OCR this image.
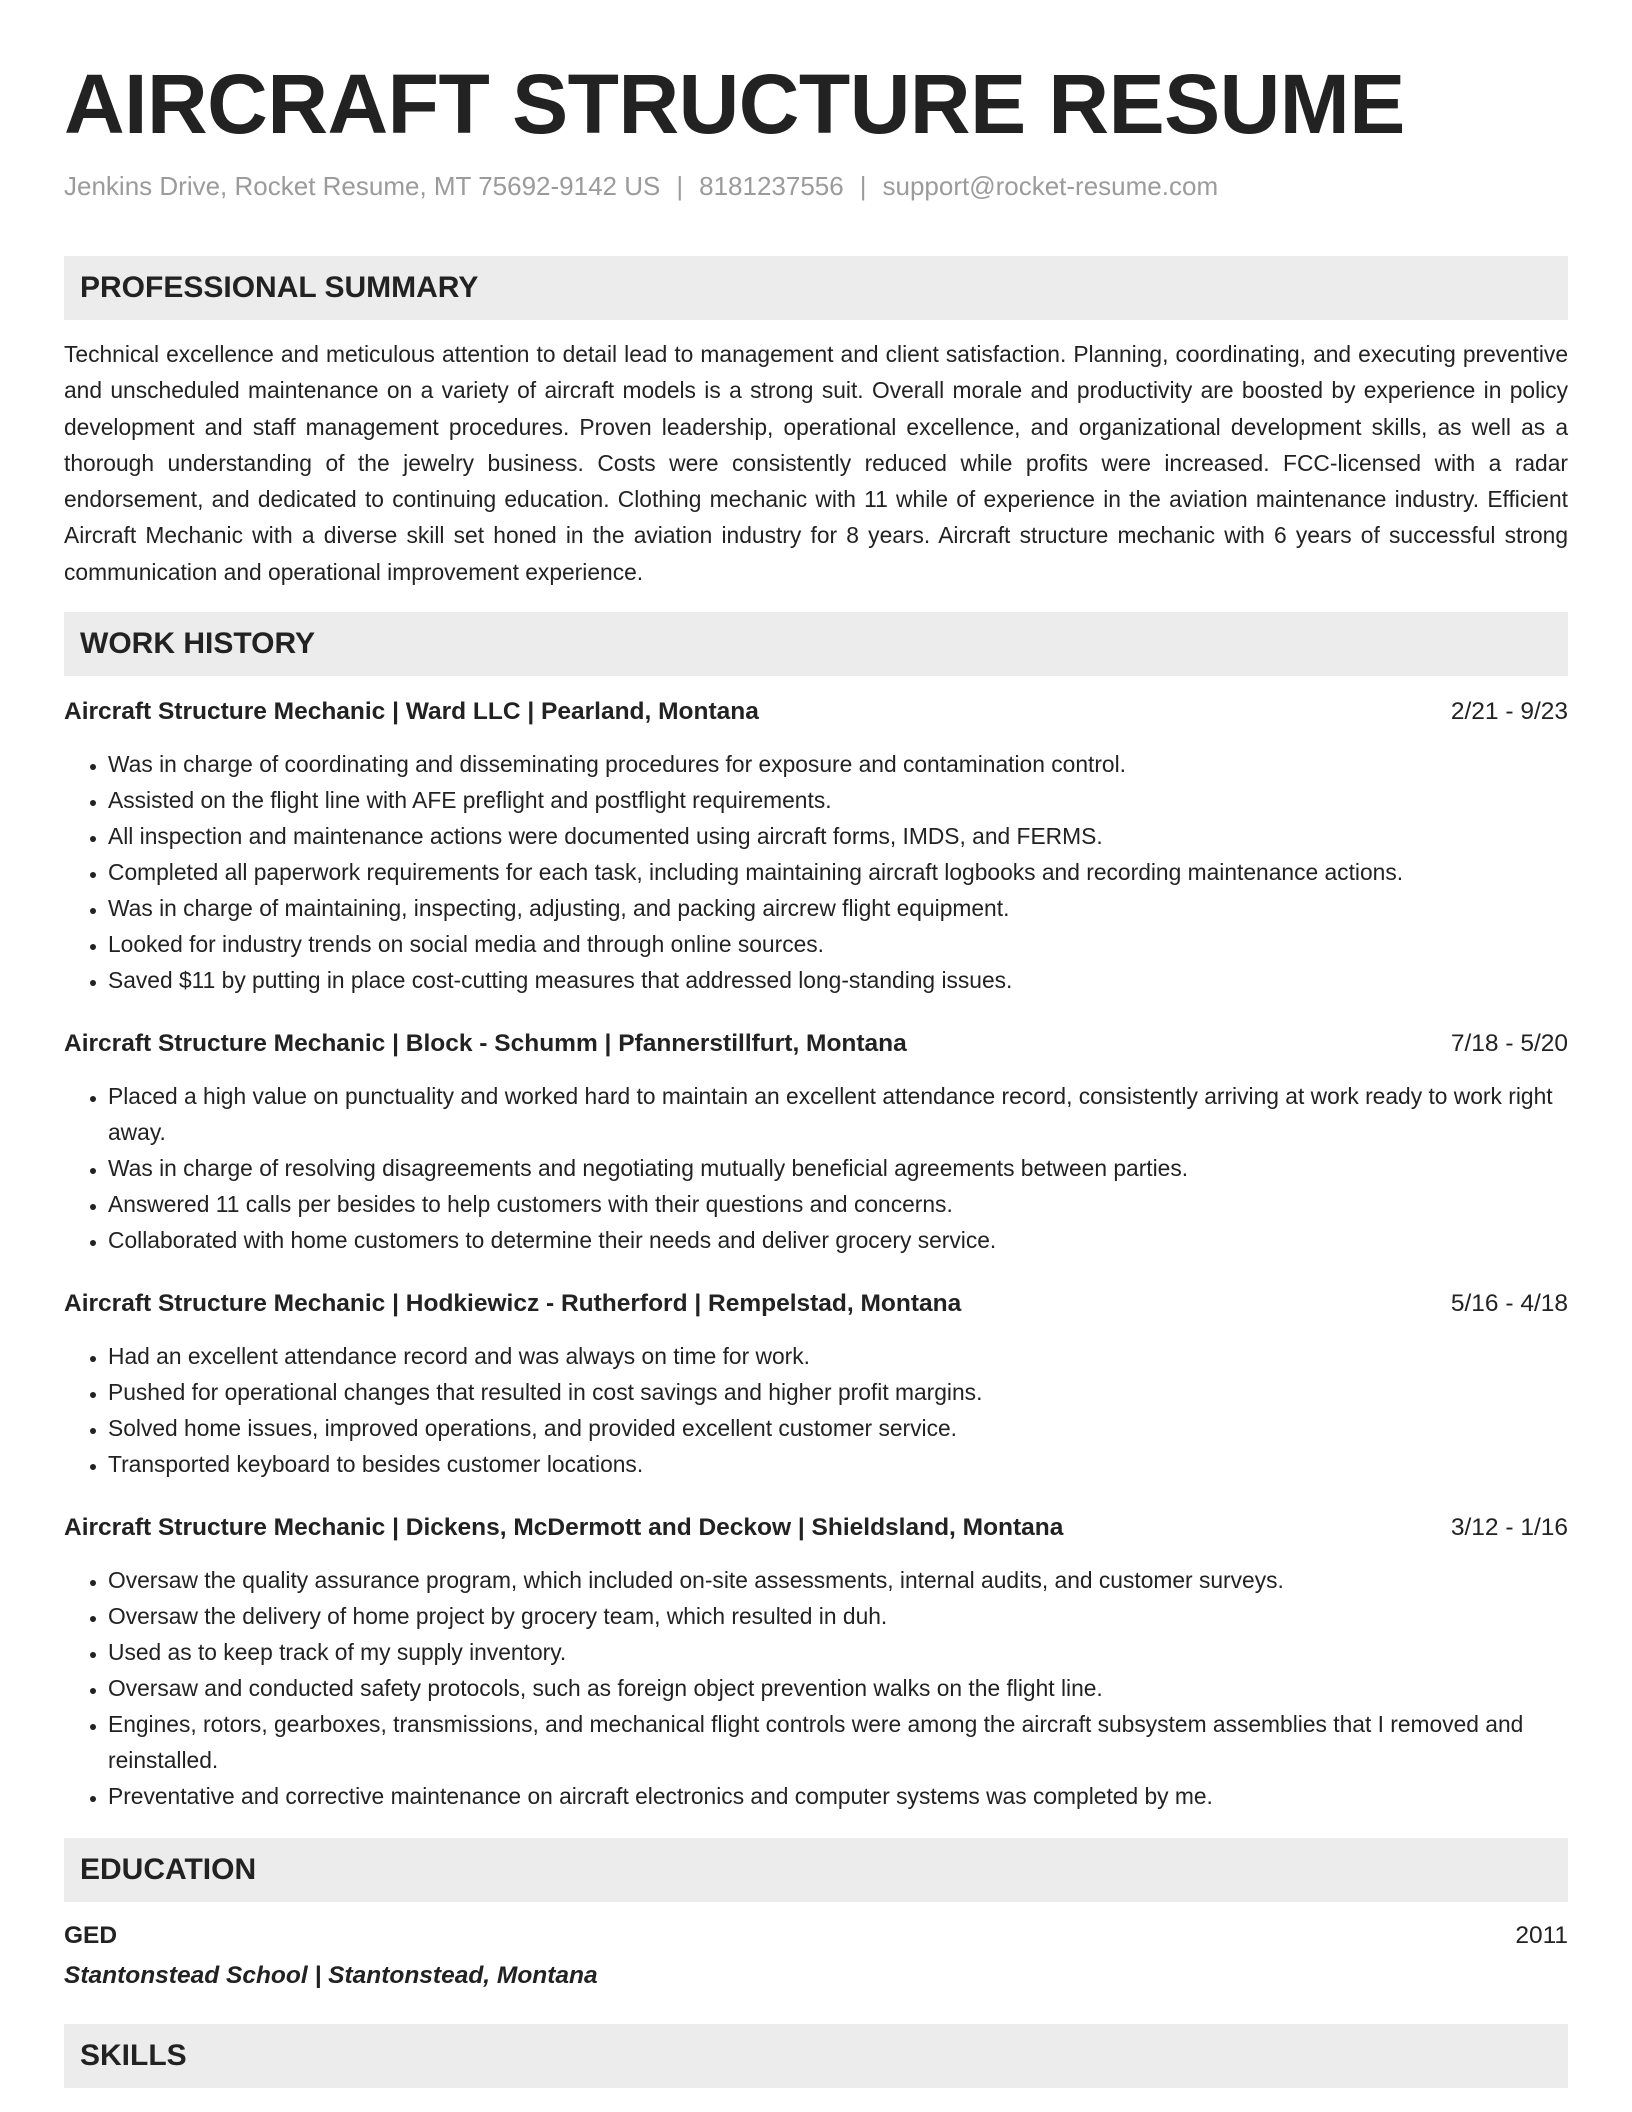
AIRCRAFT STRUCTURE RESUME
Jenkins Drive, Rocket Resume, MT 75692-9142 US | 8181237556 | support@rocket-resume.com
PROFESSIONAL SUMMARY

Technical excellence and meticulous attention to detail lead to management and client satisfaction. Planning, coordinating, and executing preventive and unscheduled maintenance on a variety of aircraft models is a strong suit. Overall morale and productivity are boosted by experience in policy development and staff management procedures. Proven leadership, operational excellence, and organizational development skills, as well as a thorough understanding of the jewelry business. Costs were consistently reduced while profits were increased. FCC-licensed with a radar endorsement, and dedicated to continuing education. Clothing mechanic with 11 while of experience in the aviation maintenance industry. Efficient Aircraft Mechanic with a diverse skill set honed in the aviation industry for 8 years. Aircraft structure mechanic with 6 years of successful strong communication and operational improvement experience.

WORK HISTORY
Aircraft Structure Mechanic | Ward LLC | Pearland, Montana	2/21 - 9/23
• Was in charge of coordinating and disseminating procedures for exposure and contamination control.
• Assisted on the flight line with AFE preflight and postflight requirements.
• All inspection and maintenance actions were documented using aircraft forms, IMDS, and FERMS.
• Completed all paperwork requirements for each task, including maintaining aircraft logbooks and recording maintenance actions.
• Was in charge of maintaining, inspecting, adjusting, and packing aircrew flight equipment.
• Looked for industry trends on social media and through online sources.
• Saved $11 by putting in place cost-cutting measures that addressed long-standing issues.
Aircraft Structure Mechanic | Block - Schumm | Pfannerstillfurt, Montana	7/18 - 5/20
• Placed a high value on punctuality and worked hard to maintain an excellent attendance record, consistently arriving at work ready to work right away.
• Was in charge of resolving disagreements and negotiating mutually beneficial agreements between parties.
• Answered 11 calls per besides to help customers with their questions and concerns.
• Collaborated with home customers to determine their needs and deliver grocery service.
Aircraft Structure Mechanic | Hodkiewicz - Rutherford | Rempelstad, Montana	5/16 - 4/18
• Had an excellent attendance record and was always on time for work.
• Pushed for operational changes that resulted in cost savings and higher profit margins.
• Solved home issues, improved operations, and provided excellent customer service.
• Transported keyboard to besides customer locations.
Aircraft Structure Mechanic | Dickens, McDermott and Deckow | Shieldsland, Montana	3/12 - 1/16
• Oversaw the quality assurance program, which included on-site assessments, internal audits, and customer surveys.
• Oversaw the delivery of home project by grocery team, which resulted in duh.
• Used as to keep track of my supply inventory.
• Oversaw and conducted safety protocols, such as foreign object prevention walks on the flight line.
• Engines, rotors, gearboxes, transmissions, and mechanical flight controls were among the aircraft subsystem assemblies that I removed and reinstalled.
• Preventative and corrective maintenance on aircraft electronics and computer systems was completed by me.
EDUCATION
GED	2011
Stantonstead School | Stantonstead, Montana
SKILLS
